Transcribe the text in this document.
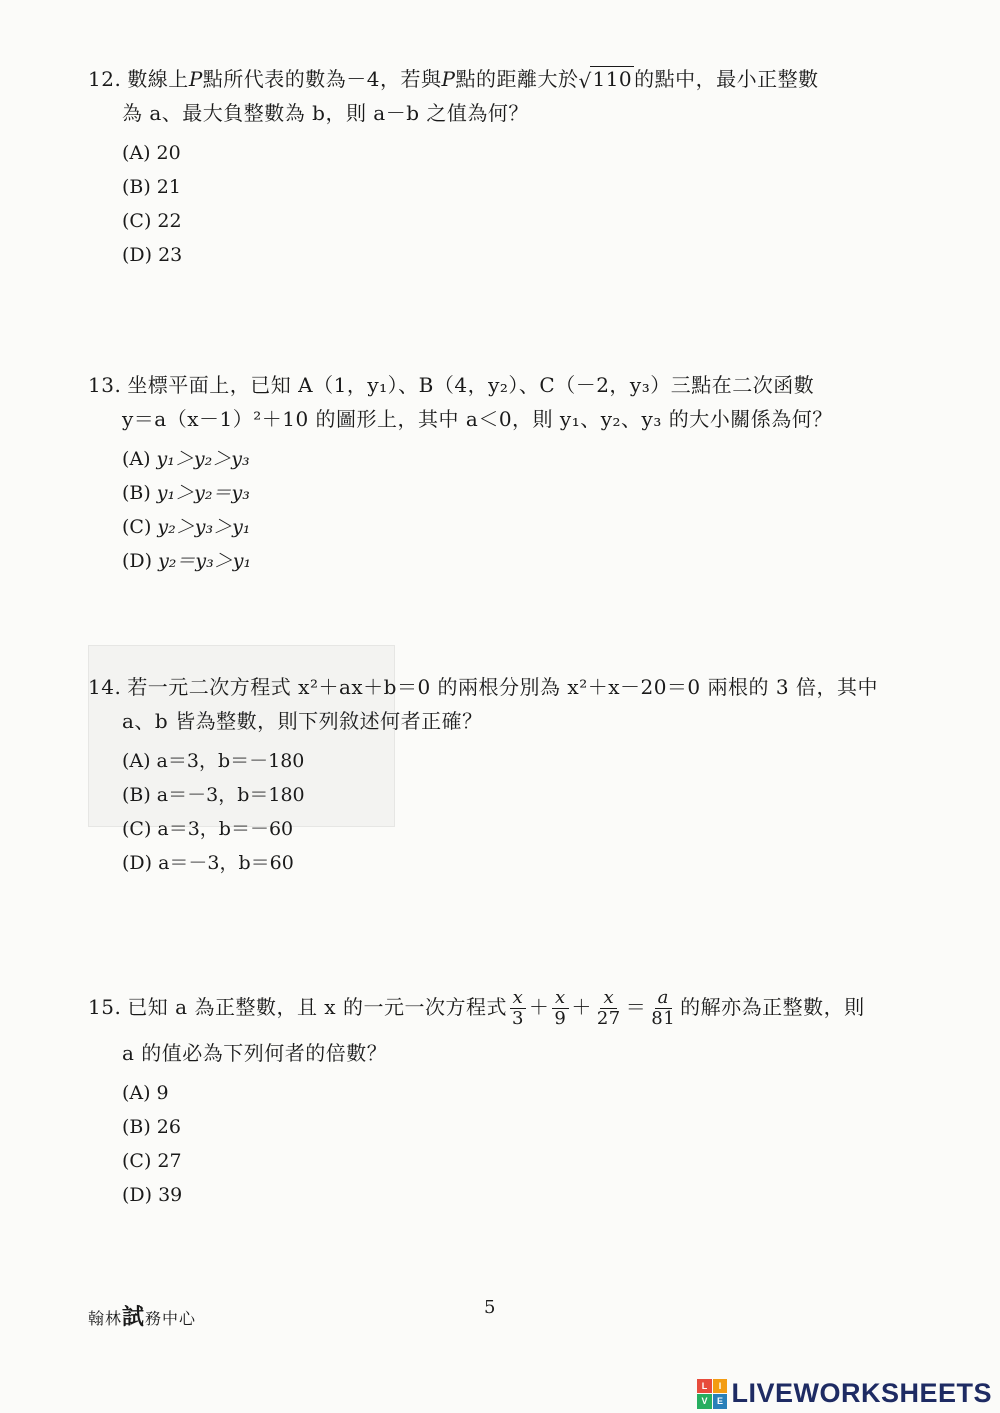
12. 數線上P點所代表的數為－4，若與P點的距離大於 √ 110 的點中，最小正整數
為 a、最大負整數為 b，則 a－b 之值為何？
(A) 20
(B) 21
(C) 22
(D) 23
13. 坐標平面上，已知 A（1，y₁）、B（4，y₂）、C（－2，y₃）三點在二次函數
y＝a（x－1）²＋10 的圖形上，其中 a＜0，則 y₁、y₂、y₃ 的大小關係為何？
(A) y₁＞y₂＞y₃
(B) y₁＞y₂＝y₃
(C) y₂＞y₃＞y₁
(D) y₂＝y₃＞y₁
14. 若一元二次方程式 x²＋ax＋b＝0 的兩根分別為 x²＋x－20＝0 兩根的 3 倍，其中
a、b 皆為整數，則下列敘述何者正確？
(A) a＝3，b＝－180
(B) a＝－3，b＝180
(C) a＝3，b＝－60
(D) a＝－3，b＝60
15. 已知 a 為正整數，且 x 的一元一次方程式 $\frac{x}{3} + \frac{x}{9} + \frac{x}{27} = \frac{a}{81}$ 的解亦為正整數，則
a 的值必為下列何者的倍數？
(A) 9
(B) 26
(C) 27
(D) 39
翰林試務中心
5
L	I
V E LIVEWORKSHEETS
